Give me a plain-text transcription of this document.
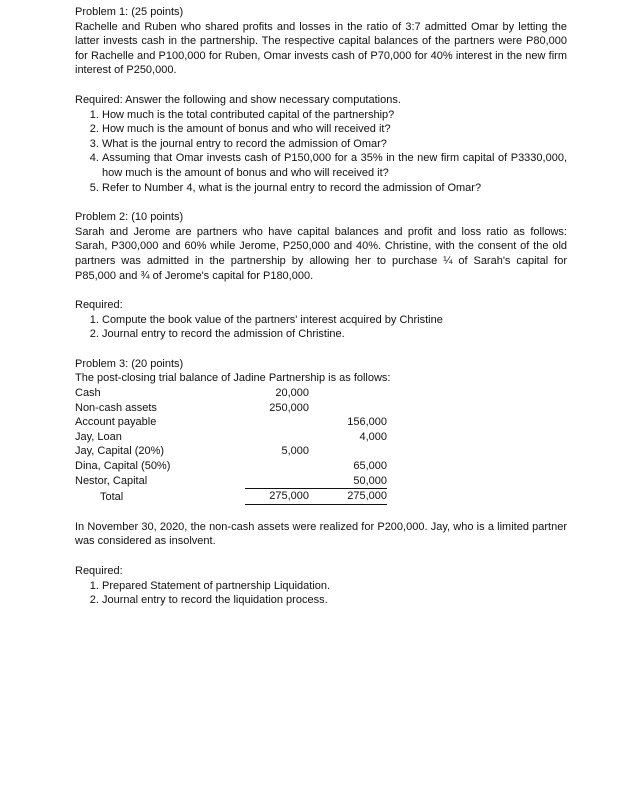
Problem 1: (25 points)

Rachelle and Ruben who shared profits and losses in the ratio of 3:7 admitted Omar by letting the latter invests cash in the partnership. The respective capital balances of the partners were P80,000 for Rachelle and P100,000 for Ruben, Omar invests cash of P70,000 for 40% interest in the new firm interest of P250,000.

Required: Answer the following and show necessary computations.

1. How much is the total contributed capital of the partnership?
2. How much is the amount of bonus and who will received it?
3. What is the journal entry to record the admission of Omar?
4. Assuming that Omar invests cash of P150,000 for a 35% in the new firm capital of P3330,000, how much is the amount of bonus and who will received it?
5. Refer to Number 4, what is the journal entry to record the admission of Omar?
Problem 2: (10 points)

Sarah and Jerome are partners who have capital balances and profit and loss ratio as follows: Sarah, P300,000 and 60% while Jerome, P250,000 and 40%. Christine, with the consent of the old partners was admitted in the partnership by allowing her to purchase ¼ of Sarah's capital for P85,000 and ¾ of Jerome's capital for P180,000.

Required:

1. Compute the book value of the partners' interest acquired by Christine
2. Journal entry to record the admission of Christine.
Problem 3: (20 points)

The post-closing trial balance of Jadine Partnership is as follows:

Cash	20,000	
Non-cash assets	250,000	
Account payable		156,000
Jay, Loan		4,000
Jay, Capital (20%)	5,000	
Dina, Capital (50%)		65,000
Nestor, Capital		50,000
Total	275,000	275,000

In November 30, 2020, the non-cash assets were realized for P200,000. Jay, who is a limited partner was considered as insolvent.

Required:

1. Prepared Statement of partnership Liquidation.
2. Journal entry to record the liquidation process.
